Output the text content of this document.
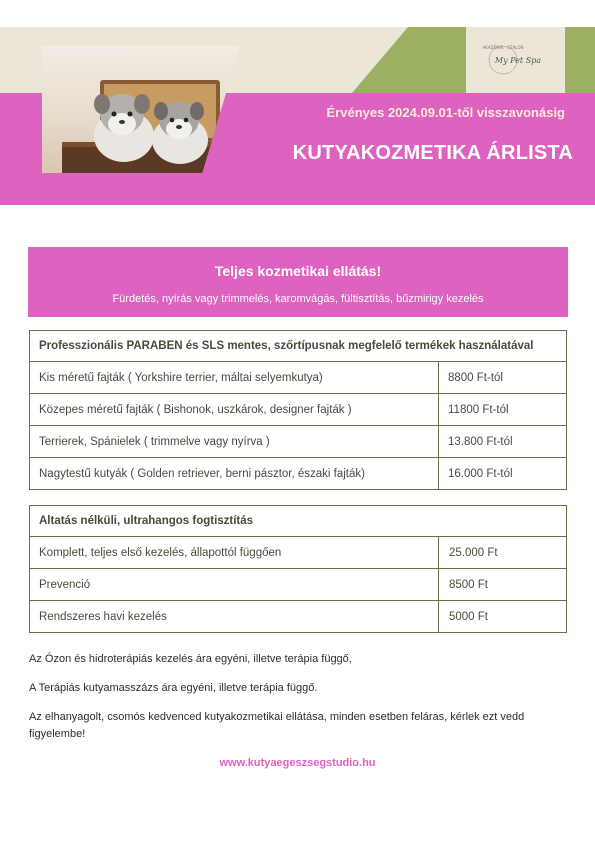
AKADÉMIA · SZALON
My Pet Spa
Érvényes 2024.09.01-től visszavonásig
KUTYAKOZMETIKA ÁRLISTA
Teljes kozmetikai ellátás!
Fürdetés, nyírás vagy trimmelés, karomvágás, fültisztítás, bűzmirigy kezelés
Professzionális PARABEN és SLS mentes, szőrtípusnak megfelelő termékek használatával	
Kis méretű fajták ( Yorkshire terrier, máltai selyemkutya)	8800 Ft-tól
Közepes méretű fajták ( Bishonok, uszkárok, designer fajták )	11800 Ft-tól
Terrierek, Spánielek ( trimmelve vagy nyírva )	13.800 Ft-tól
Nagytestű kutyák ( Golden retriever, berni pásztor, északi fajták)	16.000 Ft-tól
Altatás nélküli, ultrahangos fogtisztítás	
Komplett, teljes első kezelés, állapottól függően	25.000 Ft
Prevenció	8500 Ft
Rendszeres havi kezelés	5000 Ft

Az Ózon és hidroterápiás kezelés ára egyéni, illetve terápia függő,

A Terápiás kutyamasszázs ára egyéni, illetve terápia függő.

Az elhanyagolt, csomós kedvenced kutyakozmetikai ellátása, minden esetben feláras, kérlek ezt vedd figyelembe!

www.kutyaegeszsegstudio.hu
